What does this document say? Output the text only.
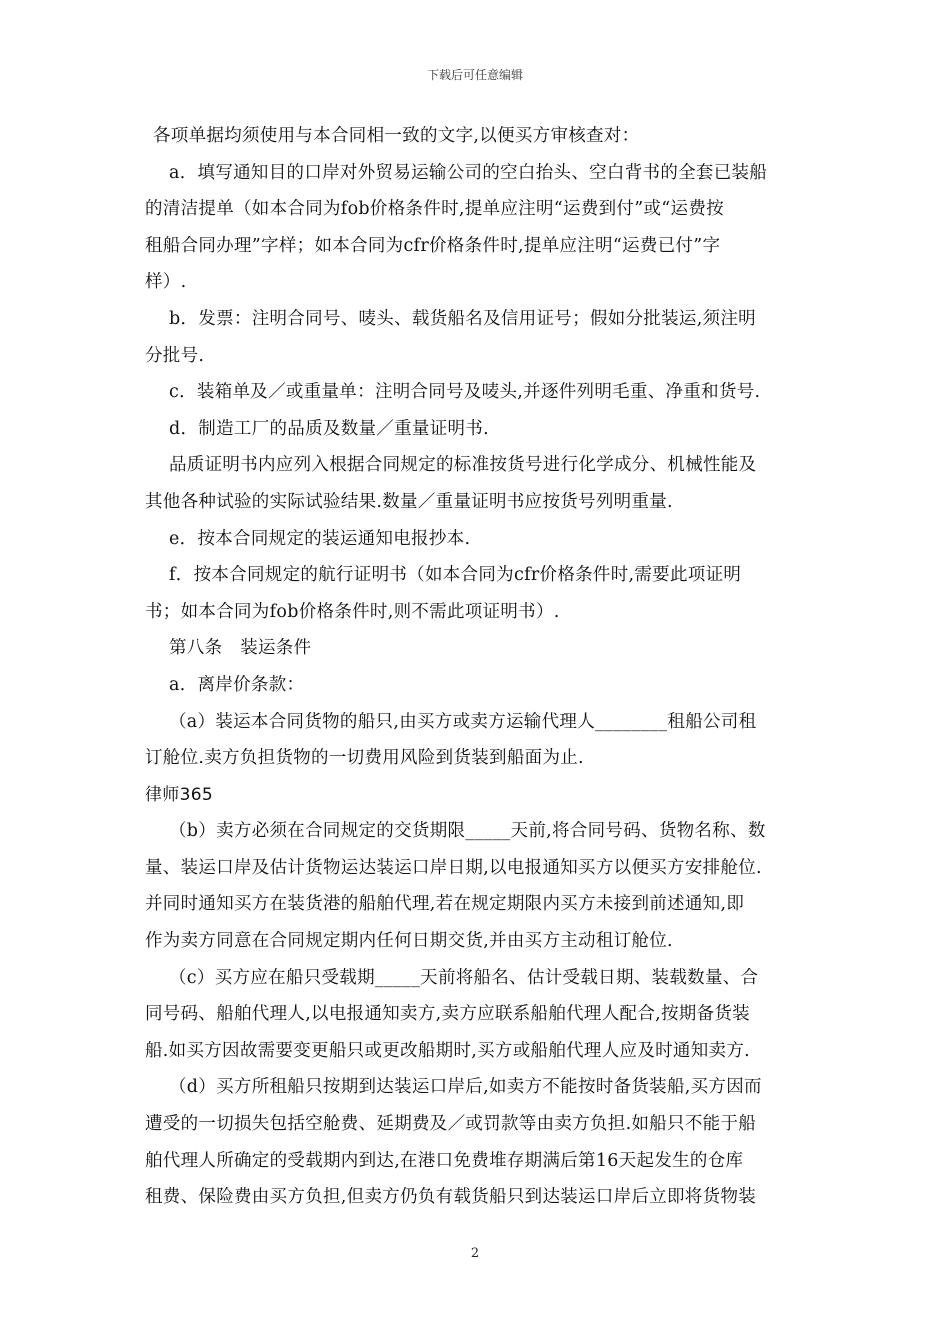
下载后可任意编辑
各项单据均须使用与本合同相一致的文字,以便买方审核查对：
a．填写通知目的口岸对外贸易运输公司的空白抬头、空白背书的全套已装船
的清洁提单（如本合同为fob价格条件时,提单应注明“运费到付”或“运费按
租船合同办理”字样；如本合同为cfr价格条件时,提单应注明“运费已付”字
样）.
b．发票：注明合同号、唛头、载货船名及信用证号；假如分批装运,须注明
分批号.
c．装箱单及／或重量单：注明合同号及唛头,并逐件列明毛重、净重和货号.
d．制造工厂的品质及数量／重量证明书.
品质证明书内应列入根据合同规定的标准按货号进行化学成分、机械性能及
其他各种试验的实际试验结果.数量／重量证明书应按货号列明重量.
e．按本合同规定的装运通知电报抄本.
f．按本合同规定的航行证明书（如本合同为cfr价格条件时,需要此项证明
书；如本合同为fob价格条件时,则不需此项证明书）.
第八条　装运条件
a．离岸价条款：
（a）装运本合同货物的船只,由买方或卖方运输代理人________租船公司租
订舱位.卖方负担货物的一切费用风险到货装到船面为止.
律师365
（b）卖方必须在合同规定的交货期限_____天前,将合同号码、货物名称、数
量、装运口岸及估计货物运达装运口岸日期,以电报通知买方以便买方安排舱位.
并同时通知买方在装货港的船舶代理,若在规定期限内买方未接到前述通知,即
作为卖方同意在合同规定期内任何日期交货,并由买方主动租订舱位.
（c）买方应在船只受载期_____天前将船名、估计受载日期、装载数量、合
同号码、船舶代理人,以电报通知卖方,卖方应联系船舶代理人配合,按期备货装
船.如买方因故需要变更船只或更改船期时,买方或船舶代理人应及时通知卖方.
（d）买方所租船只按期到达装运口岸后,如卖方不能按时备货装船,买方因而
遭受的一切损失包括空舱费、延期费及／或罚款等由卖方负担.如船只不能于船
舶代理人所确定的受载期内到达,在港口免费堆存期满后第16天起发生的仓库
租费、保险费由买方负担,但卖方仍负有载货船只到达装运口岸后立即将货物装
2
